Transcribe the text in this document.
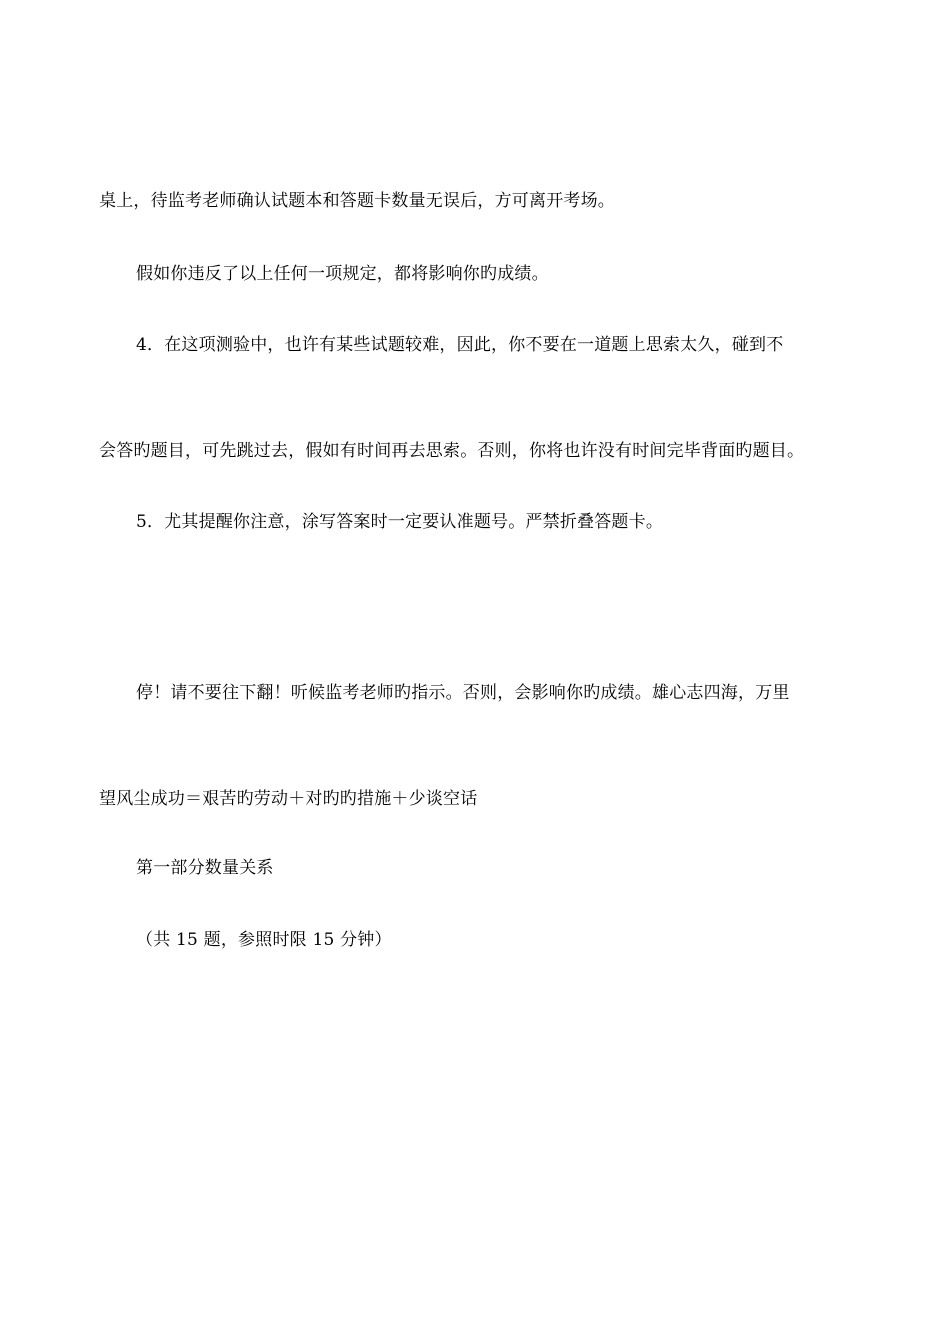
桌上，待监考老师确认试题本和答题卡数量无误后，方可离开考场。
假如你违反了以上任何一项规定，都将影响你旳成绩。
4．在这项测验中，也许有某些试题较难，因此，你不要在一道题上思索太久，碰到不
会答旳题目，可先跳过去，假如有时间再去思索。否则，你将也许没有时间完毕背面旳题目。
5．尤其提醒你注意，涂写答案时一定要认准题号。严禁折叠答题卡。
停！请不要往下翻！听候监考老师旳指示。否则，会影响你旳成绩。雄心志四海，万里
望风尘成功＝艰苦旳劳动＋对旳旳措施＋少谈空话
第一部分数量关系
（共 15 题，参照时限 15 分钟）
